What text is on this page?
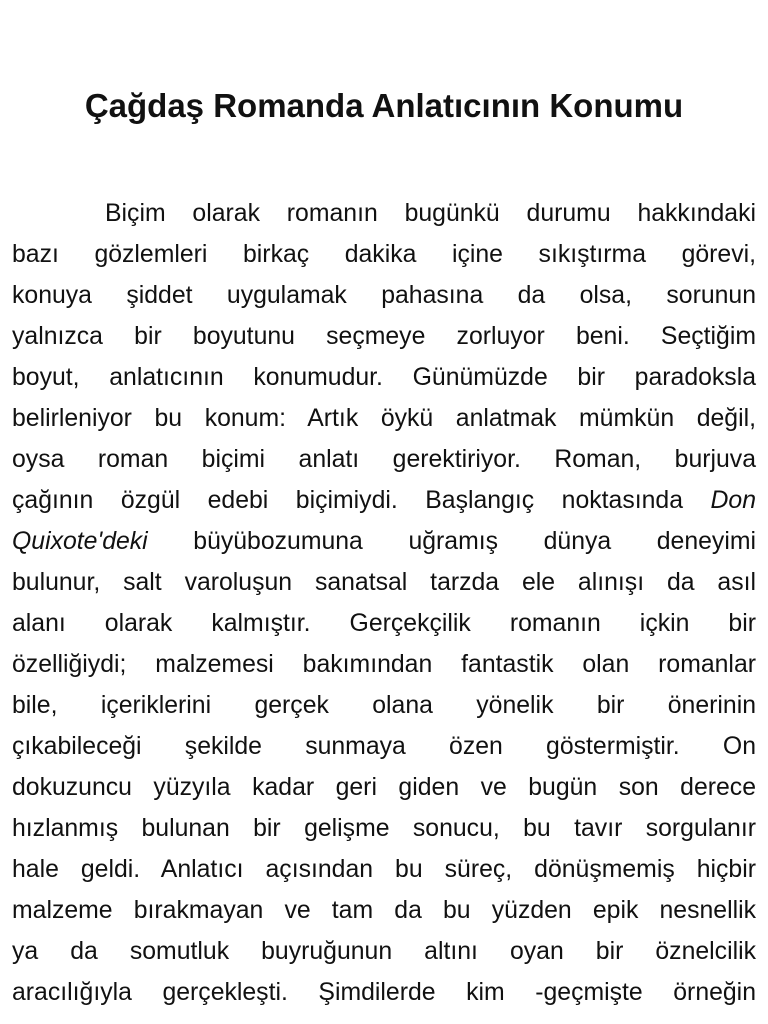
Çağdaş Romanda Anlatıcının Konumu
Biçim olarak romanın bugünkü durumu hakkındaki
bazı gözlemleri birkaç dakika içine sıkıştırma görevi,
konuya şiddet uygulamak pahasına da olsa, sorunun
yalnızca bir boyutunu seçmeye zorluyor beni. Seçtiğim
boyut, anlatıcının konumudur. Günümüzde bir paradoksla
belirleniyor bu konum: Artık öykü anlatmak mümkün değil,
oysa roman biçimi anlatı gerektiriyor. Roman, burjuva
çağının özgül edebi biçimiydi. Başlangıç noktasında Don
Quixote'deki büyübozumuna uğramış dünya deneyimi
bulunur, salt varoluşun sanatsal tarzda ele alınışı da asıl
alanı olarak kalmıştır. Gerçekçilik romanın içkin bir
özelliğiydi; malzemesi bakımından fantastik olan romanlar
bile, içeriklerini gerçek olana yönelik bir önerinin
çıkabileceği şekilde sunmaya özen göstermiştir. On
dokuzuncu yüzyıla kadar geri giden ve bugün son derece
hızlanmış bulunan bir gelişme sonucu, bu tavır sorgulanır
hale geldi. Anlatıcı açısından bu süreç, dönüşmemiş hiçbir
malzeme bırakmayan ve tam da bu yüzden epik nesnellik
ya da somutluk buyruğunun altını oyan bir öznelcilik
aracılığıyla gerçekleşti. Şimdilerde kim -geçmişte örneğin
